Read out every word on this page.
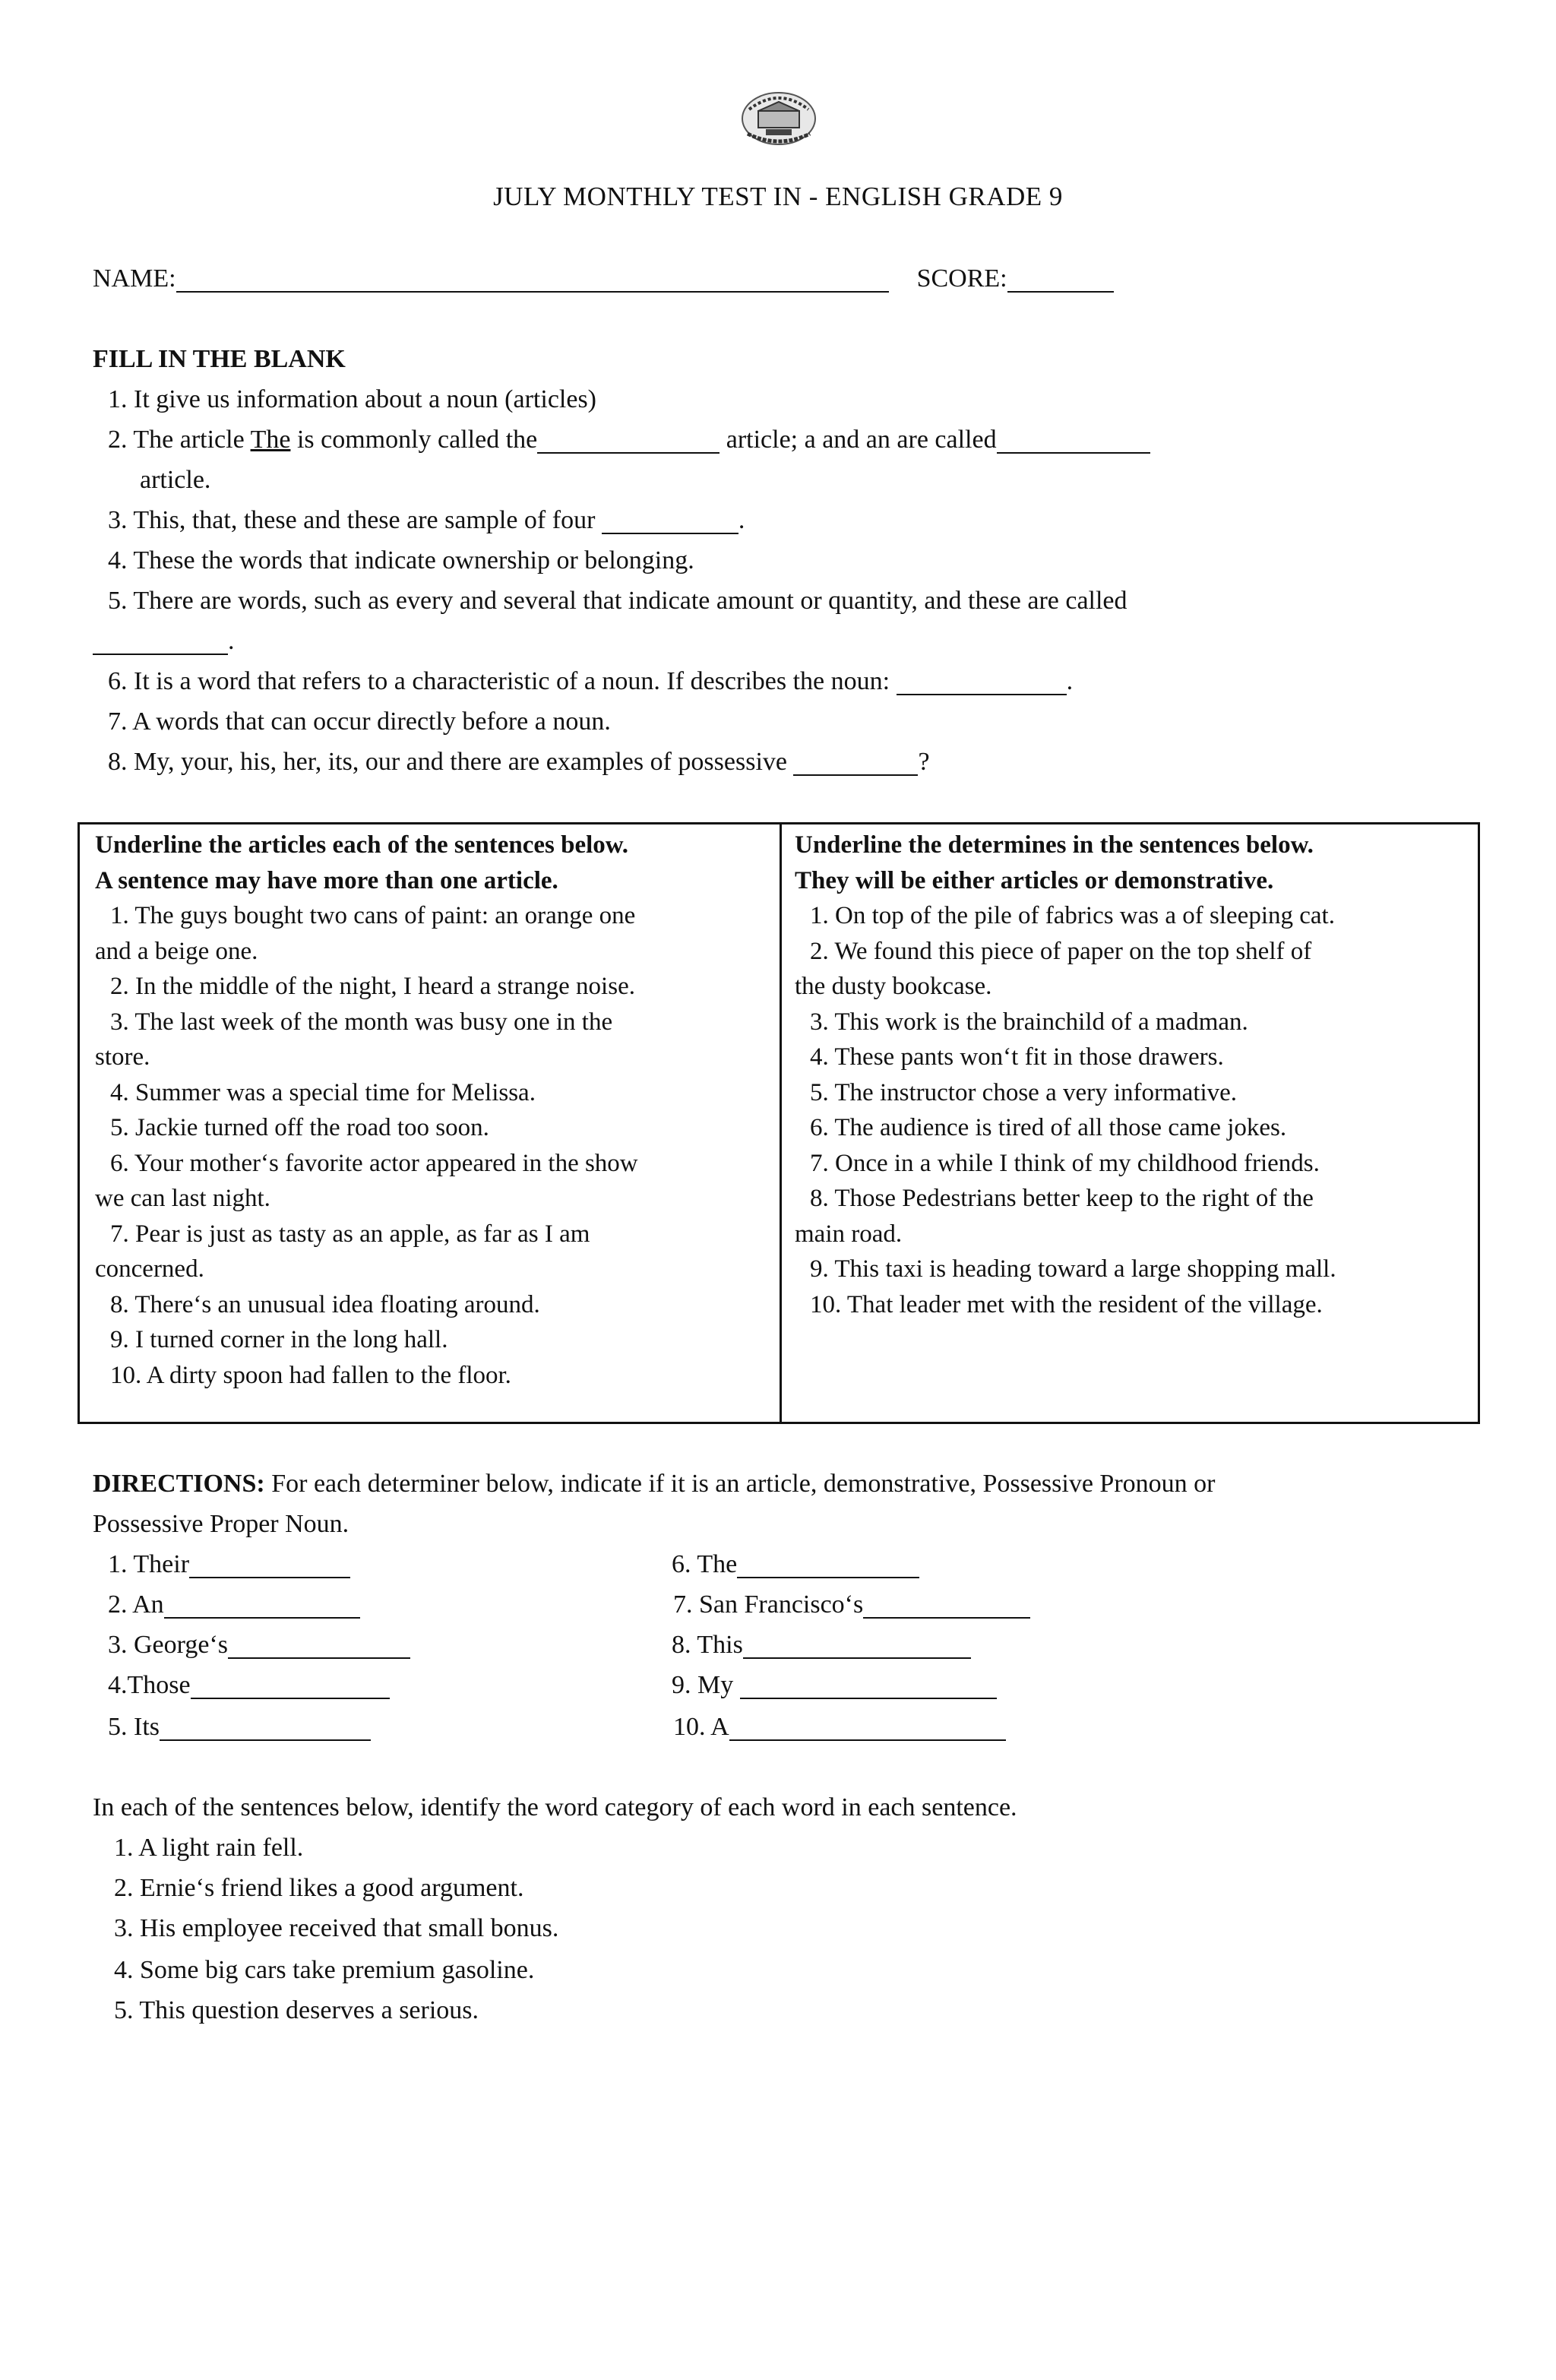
JULY MONTHLY TEST IN - ENGLISH GRADE 9
NAME:	SCORE:
FILL IN THE BLANK
1. It give us information about a noun (articles)
2. The article The is commonly called the	article; a and an are called
article.
3. This, that, these and these are sample of four	.
4. These the words that indicate ownership or belonging.
5. There are words, such as every and several that indicate amount or quantity, and these are called
.
6. It is a word that refers to a characteristic of a noun. If describes the noun:	.
7. A words that can occur directly before a noun.
8. My, your, his, her, its, our and there are examples of possessive	?

Underline the articles each of the sentences below.

A sentence may have more than one article.

1. The guys bought two cans of paint: an orange one

and a beige one.

2. In the middle of the night, I heard a strange noise.

3. The last week of the month was busy one in the

store.

4. Summer was a special time for Melissa.

5. Jackie turned off the road too soon.

6. Your mother‘s favorite actor appeared in the show

we can last night.

7. Pear is just as tasty as an apple, as far as I am

concerned.

8. There‘s an unusual idea floating around.

9. I turned corner in the long hall.

10. A dirty spoon had fallen to the floor.

Underline the determines in the sentences below.

They will be either articles or demonstrative.

1. On top of the pile of fabrics was a of sleeping cat.

2. We found this piece of paper on the top shelf of

the dusty bookcase.

3. This work is the brainchild of a madman.

4. These pants won‘t fit in those drawers.

5. The instructor chose a very informative.

6. The audience is tired of all those came jokes.

7. Once in a while I think of my childhood friends.

8. Those Pedestrians better keep to the right of the

main road.

9. This taxi is heading toward a large shopping mall.

10. That leader met with the resident of the village.

DIRECTIONS: For each determiner below, indicate if it is an article, demonstrative, Possessive Pronoun or
Possessive Proper Noun.
1. Their
2. An
3. George‘s
4.Those
5. Its
6. The
7. San Francisco‘s
8. This
9. My
10. A
In each of the sentences below, identify the word category of each word in each sentence.
1. A light rain fell.
2. Ernie‘s friend likes a good argument.
3. His employee received that small bonus.
4. Some big cars take premium gasoline.
5. This question deserves a serious.
